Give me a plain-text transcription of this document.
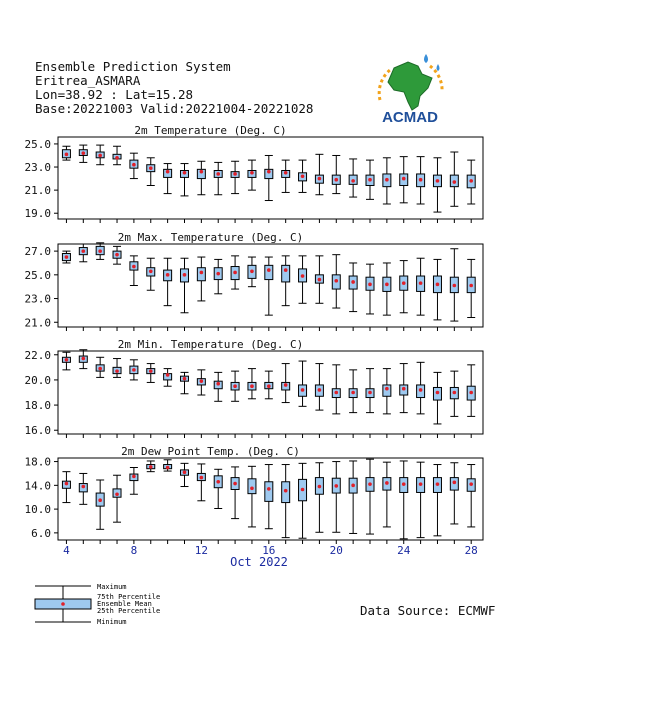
Ensemble Prediction System
Eritrea_ASMARA
Lon=38.92 : Lat=15.28
Base:20221003 Valid:20221004-20221028
ACMAD
2m Temperature (Deg. C)
19.0
21.0
23.0
25.0
2m Max. Temperature (Deg. C)
21.0
23.0
25.0
27.0
2m Min. Temperature (Deg. C)
16.0
18.0
20.0
22.0
2m Dew Point Temp. (Deg. C)
6.0
10.0
14.0
18.0
Oct 2022
4	8	12	16	20	24	28
Maximum
75th Percentile
Ensemble Mean
25th Percentile
Minimum
Data Source: ECMWF
